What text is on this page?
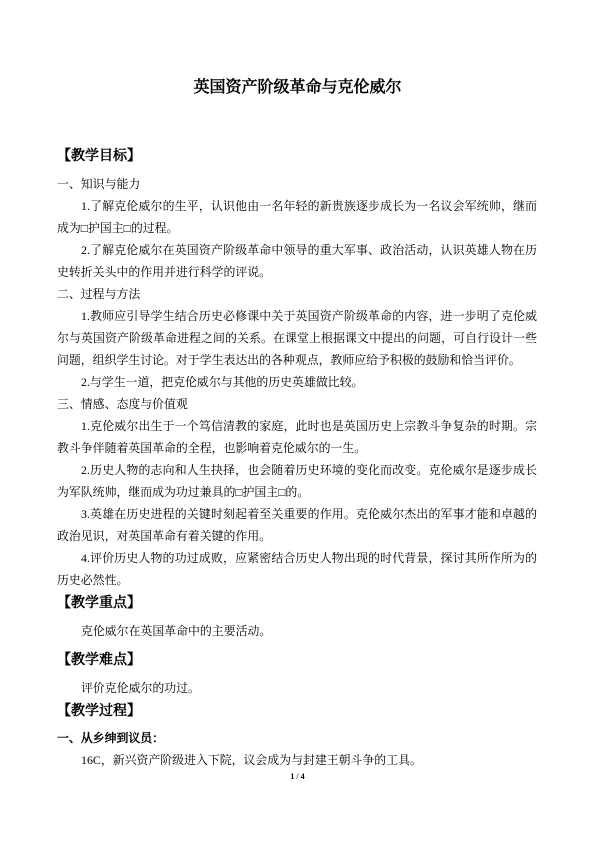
英国资产阶级革命与克伦威尔
【教学目标】
一、知识与能力
1.了解克伦威尔的生平，认识他由一名年轻的新贵族逐步成长为一名议会军统帅，继而
成为□护国主□的过程。
2.了解克伦威尔在英国资产阶级革命中领导的重大军事、政治活动，认识英雄人物在历
史转折关头中的作用并进行科学的评说。
二、过程与方法
1.教师应引导学生结合历史必修课中关于英国资产阶级革命的内容，进一步明了克伦威
尔与英国资产阶级革命进程之间的关系。在课堂上根据课文中提出的问题，可自行设计一些
问题，组织学生讨论。对于学生表达出的各种观点，教师应给予积极的鼓励和恰当评价。
2.与学生一道，把克伦威尔与其他的历史英雄做比较。
三、情感、态度与价值观
1.克伦威尔出生于一个笃信清教的家庭，此时也是英国历史上宗教斗争复杂的时期。宗
教斗争伴随着英国革命的全程，也影响着克伦威尔的一生。
2.历史人物的志向和人生抉择，也会随着历史环境的变化而改变。克伦威尔是逐步成长
为军队统帅，继而成为功过兼具的□护国主□的。
3.英雄在历史进程的关键时刻起着至关重要的作用。克伦威尔杰出的军事才能和卓越的
政治见识，对英国革命有着关键的作用。
4.评价历史人物的功过成败，应紧密结合历史人物出现的时代背景，探讨其所作所为的
历史必然性。
【教学重点】
克伦威尔在英国革命中的主要活动。
【教学难点】
评价克伦威尔的功过。
【教学过程】
一、从乡绅到议员：
16C，新兴资产阶级进入下院，议会成为与封建王朝斗争的工具。
1 / 4
